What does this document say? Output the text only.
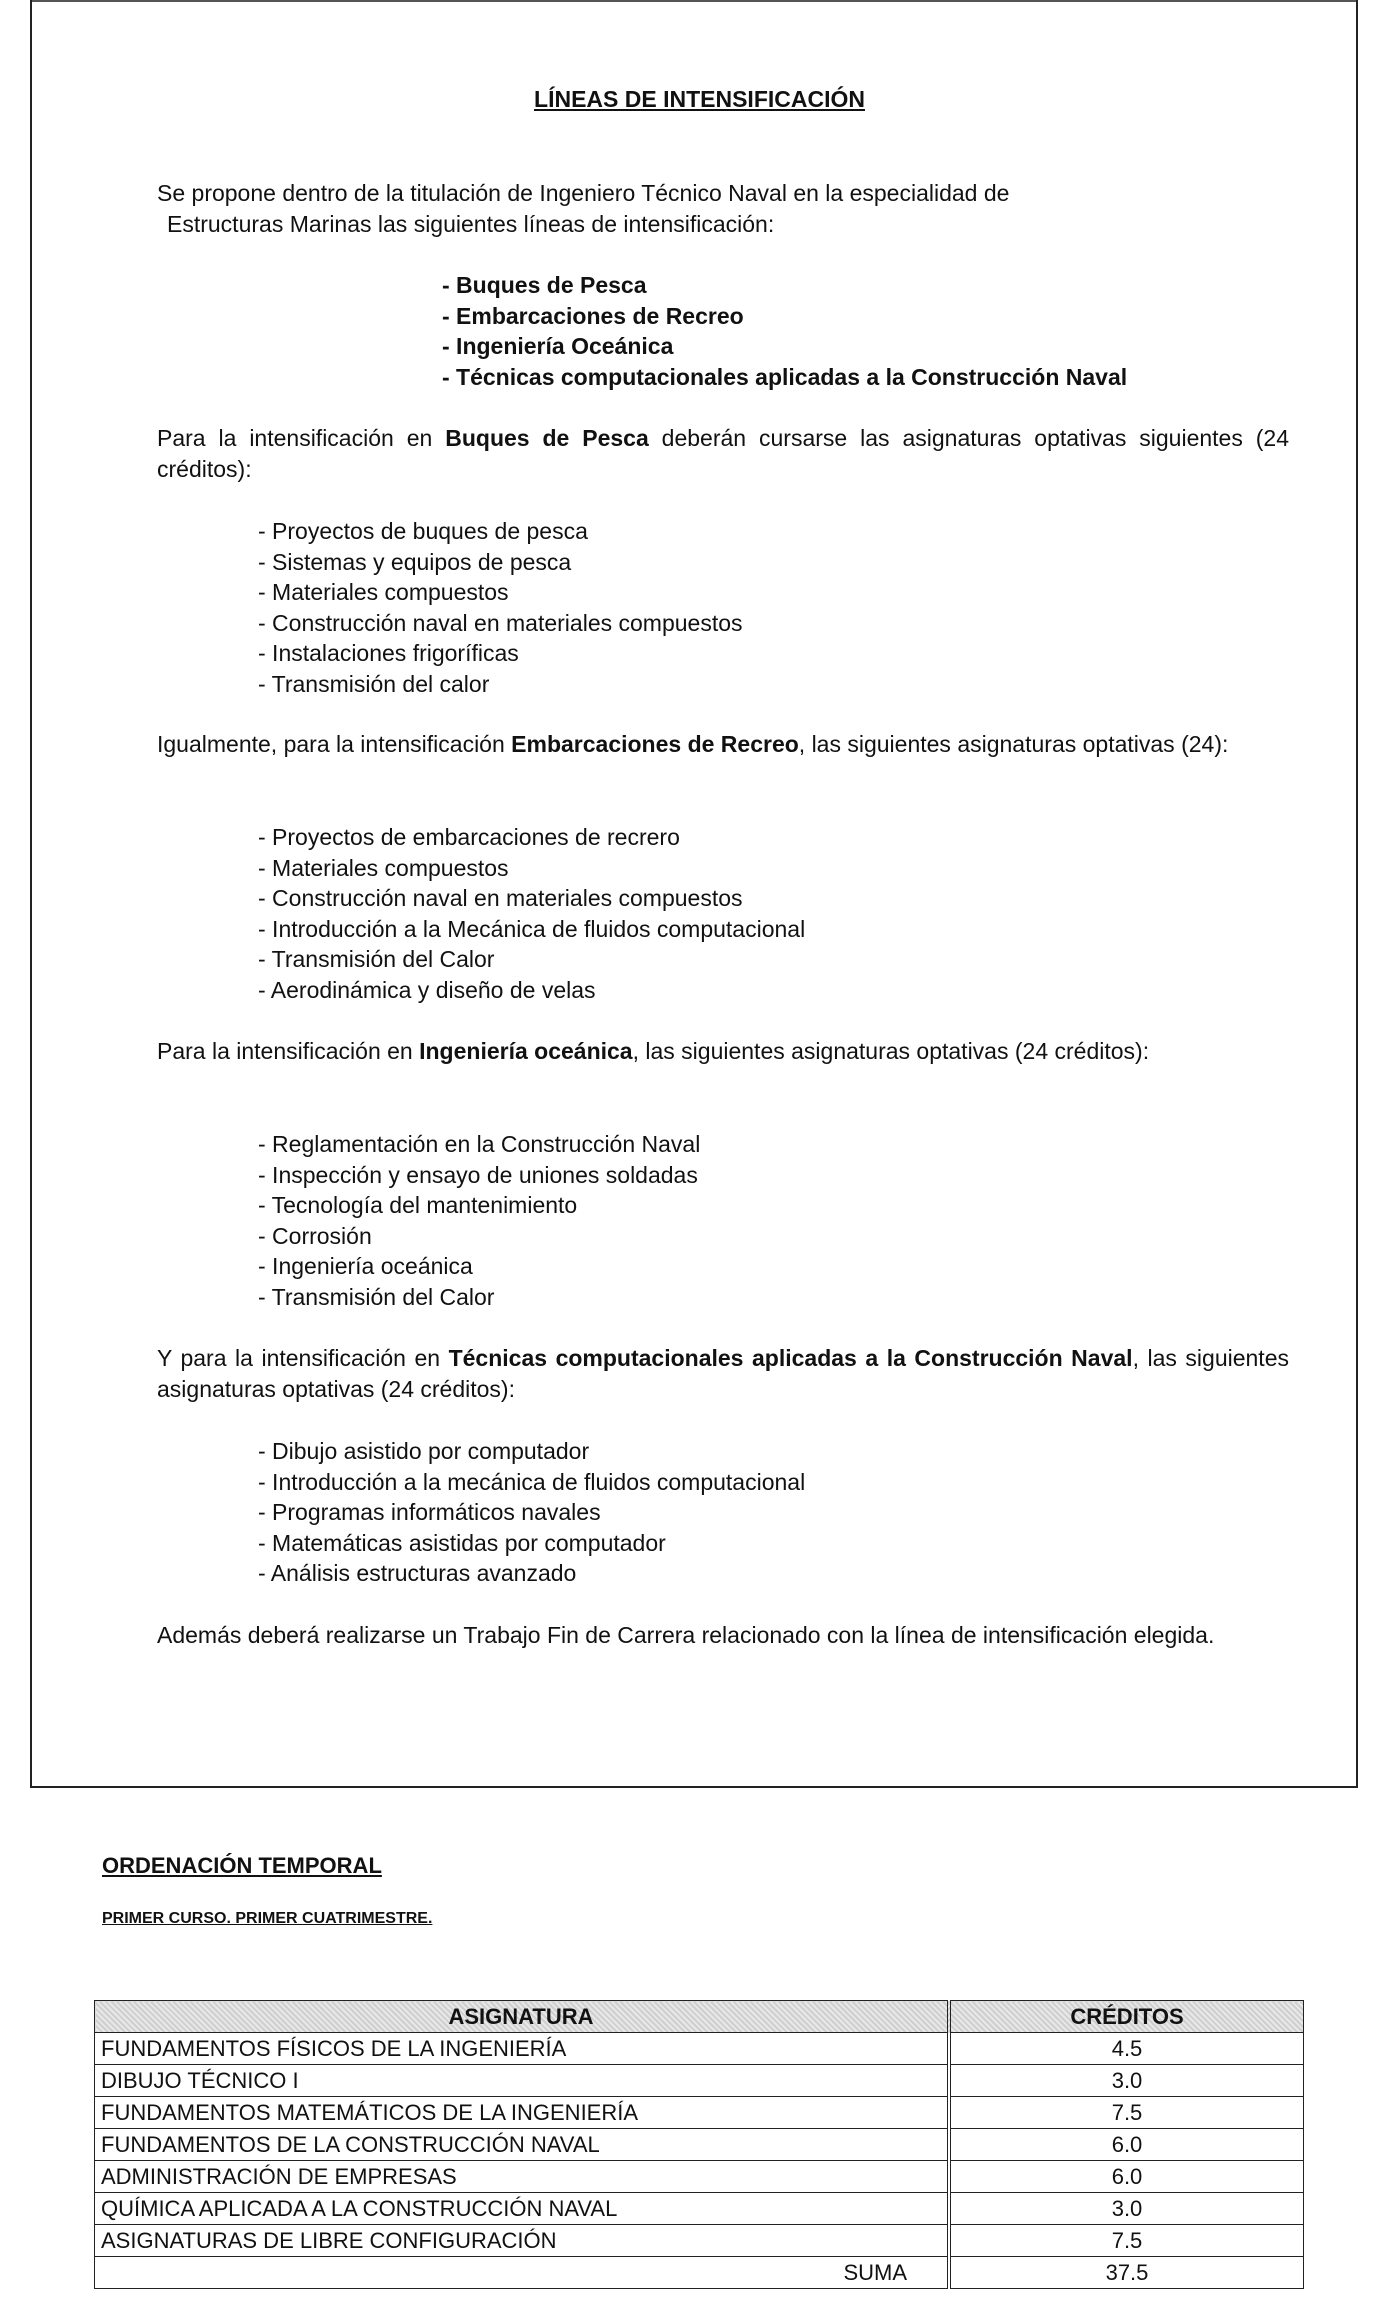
LÍNEAS DE INTENSIFICACIÓN
Se propone dentro de la titulación de Ingeniero Técnico Naval en la especialidad de
Estructuras Marinas las siguientes líneas de intensificación:
- Buques de Pesca
- Embarcaciones de Recreo
- Ingeniería Oceánica
- Técnicas computacionales aplicadas a la Construcción Naval
Para la intensificación en Buques de Pesca deberán cursarse las asignaturas optativas siguientes (24 créditos):
- Proyectos de buques de pesca
- Sistemas y equipos de pesca
- Materiales compuestos
- Construcción naval en materiales compuestos
- Instalaciones frigoríficas
- Transmisión del calor
Igualmente, para la intensificación Embarcaciones de Recreo, las siguientes asignaturas optativas (24):
- Proyectos de embarcaciones de recrero
- Materiales compuestos
- Construcción naval en materiales compuestos
- Introducción a la Mecánica de fluidos computacional
- Transmisión del Calor
- Aerodinámica y diseño de velas
Para la intensificación en Ingeniería oceánica, las siguientes asignaturas optativas (24 créditos):
- Reglamentación en la Construcción Naval
- Inspección y ensayo de uniones soldadas
- Tecnología del mantenimiento
- Corrosión
- Ingeniería oceánica
- Transmisión del Calor
Y para la intensificación en Técnicas computacionales aplicadas a la Construcción Naval, las siguientes asignaturas optativas (24 créditos):
- Dibujo asistido por computador
- Introducción a la mecánica de fluidos computacional
- Programas informáticos navales
- Matemáticas asistidas por computador
- Análisis estructuras avanzado
Además deberá realizarse un Trabajo Fin de Carrera relacionado con la línea de intensificación elegida.
ORDENACIÓN TEMPORAL
PRIMER CURSO. PRIMER CUATRIMESTRE.
ASIGNATURA	CRÉDITOS
FUNDAMENTOS FÍSICOS DE LA INGENIERÍA	4.5
DIBUJO TÉCNICO I	3.0
FUNDAMENTOS MATEMÁTICOS DE LA INGENIERÍA	7.5
FUNDAMENTOS DE LA CONSTRUCCIÓN NAVAL	6.0
ADMINISTRACIÓN DE EMPRESAS	6.0
QUÍMICA APLICADA A LA CONSTRUCCIÓN NAVAL	3.0
ASIGNATURAS DE LIBRE CONFIGURACIÓN	7.5
SUMA	37.5
